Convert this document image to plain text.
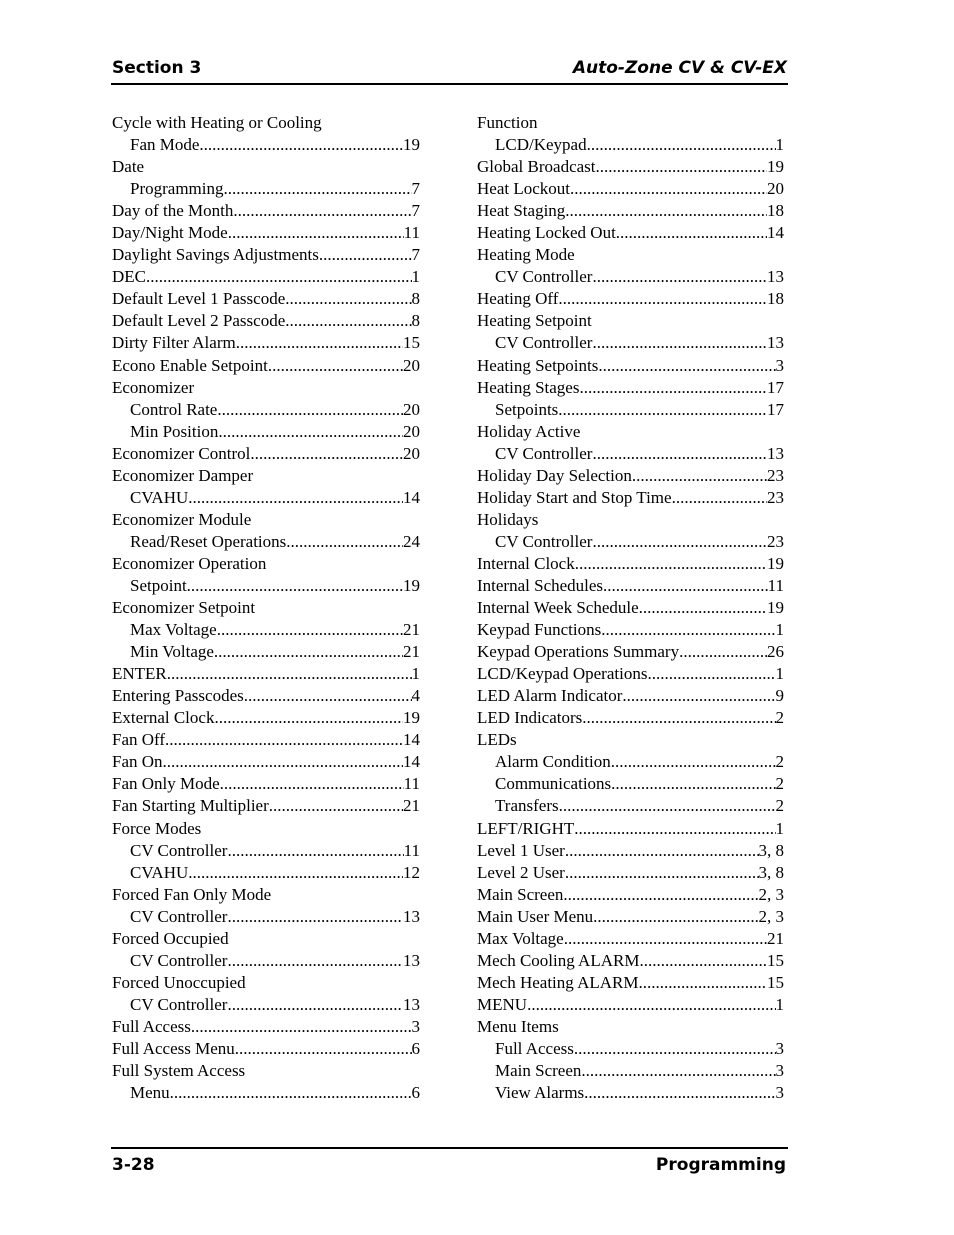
Section 3	Auto-Zone CV & CV-EX
Cycle with Heating or Cooling
Fan Mode .....	19
Date
Programming .....	7
Day of the Month .....	7
Day/Night Mode .....	11
Daylight Savings Adjustments .....	7
DEC .....	1
Default Level 1 Passcode .....	8
Default Level 2 Passcode .....	8
Dirty Filter Alarm .....	15
Econo Enable Setpoint .....	20
Economizer
Control Rate .....	20
Min Position .....	20
Economizer Control .....	20
Economizer Damper
CVAHU .....	14
Economizer Module
Read/Reset Operations .....	24
Economizer Operation
Setpoint .....	19
Economizer Setpoint
Max Voltage .....	21
Min Voltage .....	21
ENTER .....	1
Entering Passcodes .....	4
External Clock .....	19
Fan Off .....	14
Fan On .....	14
Fan Only Mode .....	11
Fan Starting Multiplier .....	21
Force Modes
CV Controller .....	11
CVAHU .....	12
Forced Fan Only Mode
CV Controller .....	13
Forced Occupied
CV Controller .....	13
Forced Unoccupied
CV Controller .....	13
Full Access .....	3
Full Access Menu .....	6
Full System Access
Menu .....	6
Function
LCD/Keypad .....	1
Global Broadcast .....	19
Heat Lockout .....	20
Heat Staging .....	18
Heating Locked Out .....	14
Heating Mode
CV Controller .....	13
Heating Off .....	18
Heating Setpoint
CV Controller .....	13
Heating Setpoints .....	3
Heating Stages .....	17
Setpoints .....	17
Holiday Active
CV Controller .....	13
Holiday Day Selection .....	23
Holiday Start and Stop Time .....	23
Holidays
CV Controller .....	23
Internal Clock .....	19
Internal Schedules .....	11
Internal Week Schedule .....	19
Keypad Functions .....	1
Keypad Operations Summary .....	26
LCD/Keypad Operations .....	1
LED Alarm Indicator .....	9
LED Indicators .....	2
LEDs
Alarm Condition .....	2
Communications .....	2
Transfers .....	2
LEFT/RIGHT .....	1
Level 1 User .....	3, 8
Level 2 User .....	3, 8
Main Screen .....	2, 3
Main User Menu .....	2, 3
Max Voltage .....	21
Mech Cooling ALARM .....	15
Mech Heating ALARM .....	15
MENU .....	1
Menu Items
Full Access .....	3
Main Screen .....	3
View Alarms .....	3
3-28	Programming
